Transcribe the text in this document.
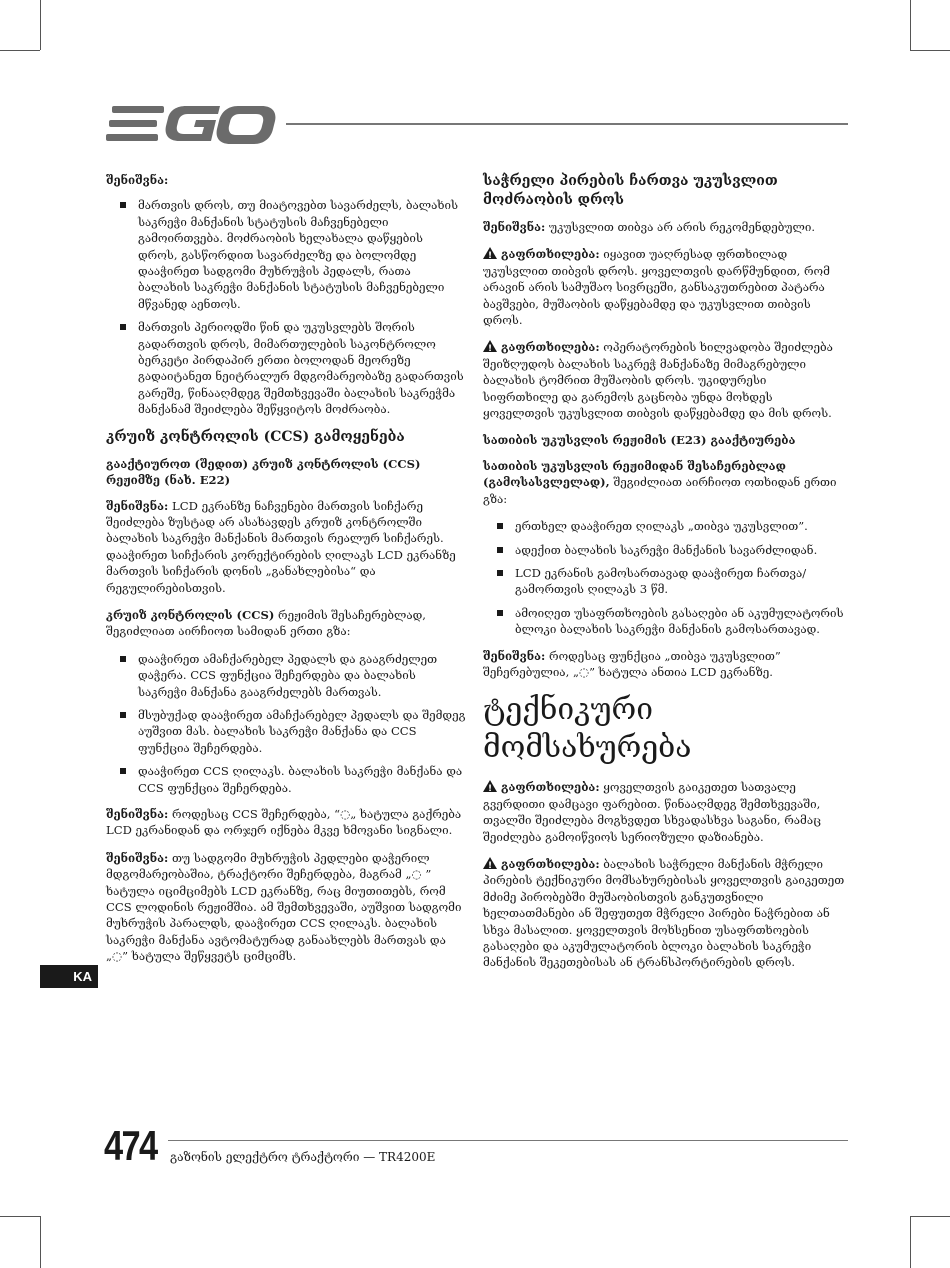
შენიშვნა:

მართვის დროს, თუ მიატოვებთ სავარძელს, ბალახის საკრეჭი მანქანის სტატუსის მაჩვენებელი გამოირთვება. მოძრაობის ხელახალა დაწყების დროს, გასწორდით სავარძელზე და ბოლომდე დააჭირეთ სადგომი მუხრუჭის პედალს, რათა ბალახის საკრეჭი მანქანის სტატუსის მაჩვენებელი მწვანედ აენთოს.
მართვის პერიოდში წინ და უკუსვლებს შორის გადართვის დროს, მიმართულების საკონტროლო ბერკეტი პირდაპირ ერთი ბოლოდან მეორეზე გადაიტანეთ ნეიტრალურ მდგომარეობაზე გადართვის გარეშე, წინააღმდეგ შემთხვევაში ბალახის საკრეჭმა მანქანამ შეიძლება შეწყვიტოს მოძრაობა.

კრუიზ კონტროლის (CCS) გამოყენება

გააქტიუროთ (შედით) კრუიზ კონტროლის (CCS) რეჟიმზე (ნახ. E22)

შენიშვნა: LCD ეკრანზე ნაჩვენები მართვის სიჩქარე შეიძლება ზუსტად არ ასახავდეს კრუიზ კონტროლში ბალახის საკრეჭი მანქანის მართვის რეალურ სიჩქარეს. დააჭირეთ სიჩქარის კორექტირების ღილაკს LCD ეკრანზე მართვის სიჩქარის დონის „განახლებისა“ და რეგულირებისთვის.

კრუიზ კონტროლის (CCS) რეჟიმის შესაჩერებლად, შეგიძლიათ აირჩიოთ სამიდან ერთი გზა:

დააჭირეთ ამაჩქარებელ პედალს და გააგრძელეთ დაჭერა. CCS ფუნქცია შეჩერდება და ბალახის საკრეჭი მანქანა გააგრძელებს მართვას.
მსუბუქად დააჭირეთ ამაჩქარებელ პედალს და შემდეგ აუშვით მას. ბალახის საკრეჭი მანქანა და CCS ფუნქცია შეჩერდება.
დააჭირეთ CCS ღილაკს. ბალახის საკრეჭი მანქანა და CCS ფუნქცია შეჩერდება.

შენიშვნა: როდესაც CCS შეჩერდება, “◌„ ხატულა გაქრება LCD ეკრანიდან და ორჯერ იქნება მკვე ხმოვანი სიგნალი.

შენიშვნა: თუ სადგომი მუხრუჭის პედლები დაჭერილ მდგომარეობაშია, ტრაქტორი შეჩერდება, მაგრამ „◌ ” ხატულა იციმციმებს LCD ეკრანზე, რაც მიუთითებს, რომ CCS ლოდინის რეჟიმშია. ამ შემთხვევაში, აუშვით სადგომი მუხრუჭის პარალდს, დააჭირეთ CCS ღილაკს. ბალახის საკრეჭი მანქანა ავტომატურად განაახლებს მართვას და „◌” ხატულა შეწყვეტს ციმციმს.

საჭრელი პირების ჩართვა უკუსვლით მოძრაობის დროს

შენიშვნა: უკუსვლით თიბვა არ არის რეკომენდებული.

!გაფრთხილება: იყავით უაღრესად ფრთხილად უკუსვლით თიბვის დროს. ყოველთვის დარწმუნდით, რომ არავინ არის სამუშაო სივრცეში, განსაკუთრებით პატარა ბავშვები, მუშაობის დაწყებამდე და უკუსვლით თიბვის დროს.

!გაფრთხილება: ოპერატორების ხილვადობა შეიძლება შეიზღუდოს ბალახის საკრეჭ მანქანაზე მიმაგრებული ბალახის ტომრით მუშაობის დროს. უკიდურესი სიფრთხილე და გარემოს გაცნობა უნდა მოხდეს ყოველთვის უკუსვლით თიბვის დაწყებამდე და მის დროს.

სათიბის უკუსვლის რეჟიმის (E23) გააქტიურება

სათიბის უკუსვლის რეჟიმიდან შესაჩერებლად (გამოსასვლელად), შეგიძლიათ აირჩიოთ ოთხიდან ერთი გზა:

ერთხელ დააჭირეთ ღილაკს „თიბვა უკუსვლით”.
ადექით ბალახის საკრეჭი მანქანის სავარძლიდან.
LCD ეკრანის გამოსართავად დააჭირეთ ჩართვა/ გამორთვის ღილაკს 3 წმ.
ამოიღეთ უსაფრთხოების გასაღები ან აკუმულატორის ბლოკი ბალახის საკრეჭი მანქანის გამოსართავად.

შენიშვნა: როდესაც ფუნქცია „თიბვა უკუსვლით” შეჩერებულია, „◌” ხატულა ანთია LCD ეკრანზე.

ტექნიკური მომსახურება

!გაფრთხილება: ყოველთვის გაიკეთეთ სათვალე გვერდითი დამცავი ფარებით. წინააღმდეგ შემთხვევაში, თვალში შეიძლება მოგხვდეთ სხვადასხვა საგანი, რამაც შეიძლება გამოიწვიოს სერიოზული დაზიანება.

!გაფრთხილება: ბალახის საჭრელი მანქანის მჭრელი პირების ტექნიკური მომსახურებისას ყოველთვის გაიკეთეთ მძიმე პირობებში მუშაობისთვის განკუთვნილი ხელთათმანები ან შეფუთეთ მჭრელი პირები ნაჭრებით ან სხვა მასალით. ყოველთვის მოხსენით უსაფრთხოების გასაღები და აკუმულატორის ბლოკი ბალახის საკრეჭი მანქანის შეკეთებისას ან ტრანსპორტირების დროს.

KA
474 გაზონის ელექტრო ტრაქტორი — TR4200E
